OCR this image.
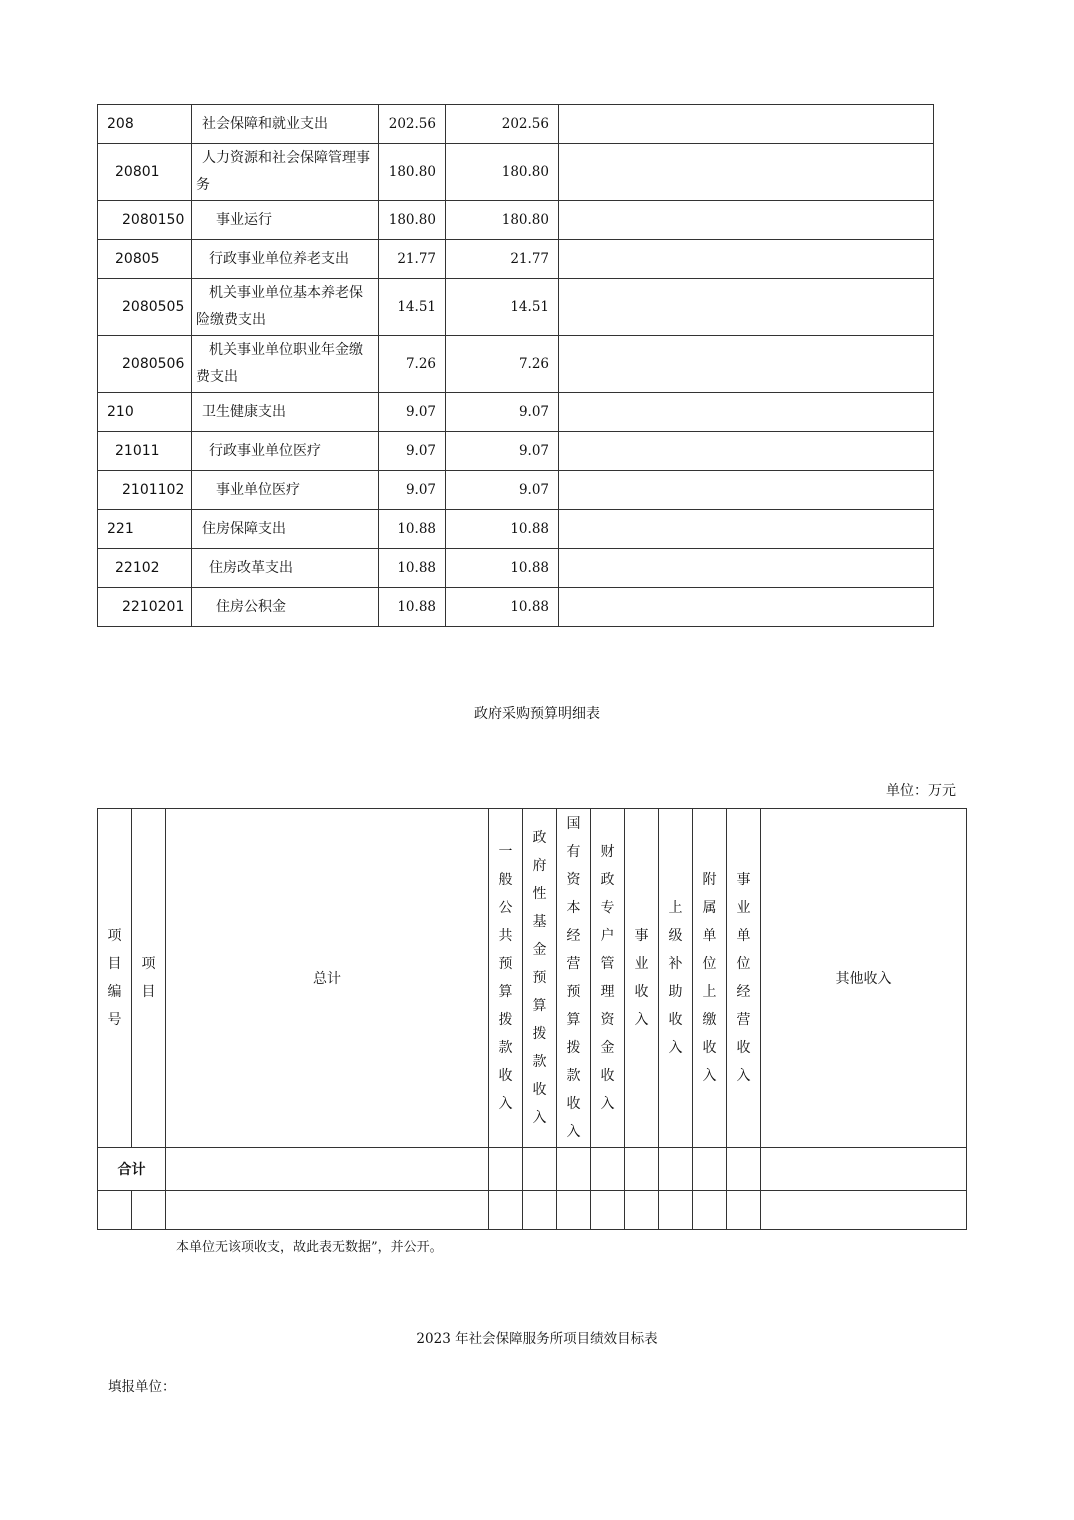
208	社会保障和就业支出	202.56	202.56	
20801	人力资源和社会保障管理事务	180.80	180.80	
2080150	事业运行	180.80	180.80	
20805	行政事业单位养老支出	21.77	21.77	
2080505	机关事业单位基本养老保险缴费支出	14.51	14.51	
2080506	机关事业单位职业年金缴费支出	7.26	7.26	
210	卫生健康支出	9.07	9.07	
21011	行政事业单位医疗	9.07	9.07	
2101102	事业单位医疗	9.07	9.07	
221	住房保障支出	10.88	10.88	
22102	住房改革支出	10.88	10.88	
2210201	住房公积金	10.88	10.88	
政府采购预算明细表
单位：万元
项目编号	项目	总计	一般公共预算拨款收入	政府性基金预算拨款收入	国有资本经营预算拨款收入	财政专户管理资金收入	事业收入	上级补助收入	附属单位上缴收入	事业单位经营收入	其他收入
合计											

本单位无该项收支，故此表无数据”，并公开。
2023 年社会保障服务所项目绩效目标表
填报单位：
